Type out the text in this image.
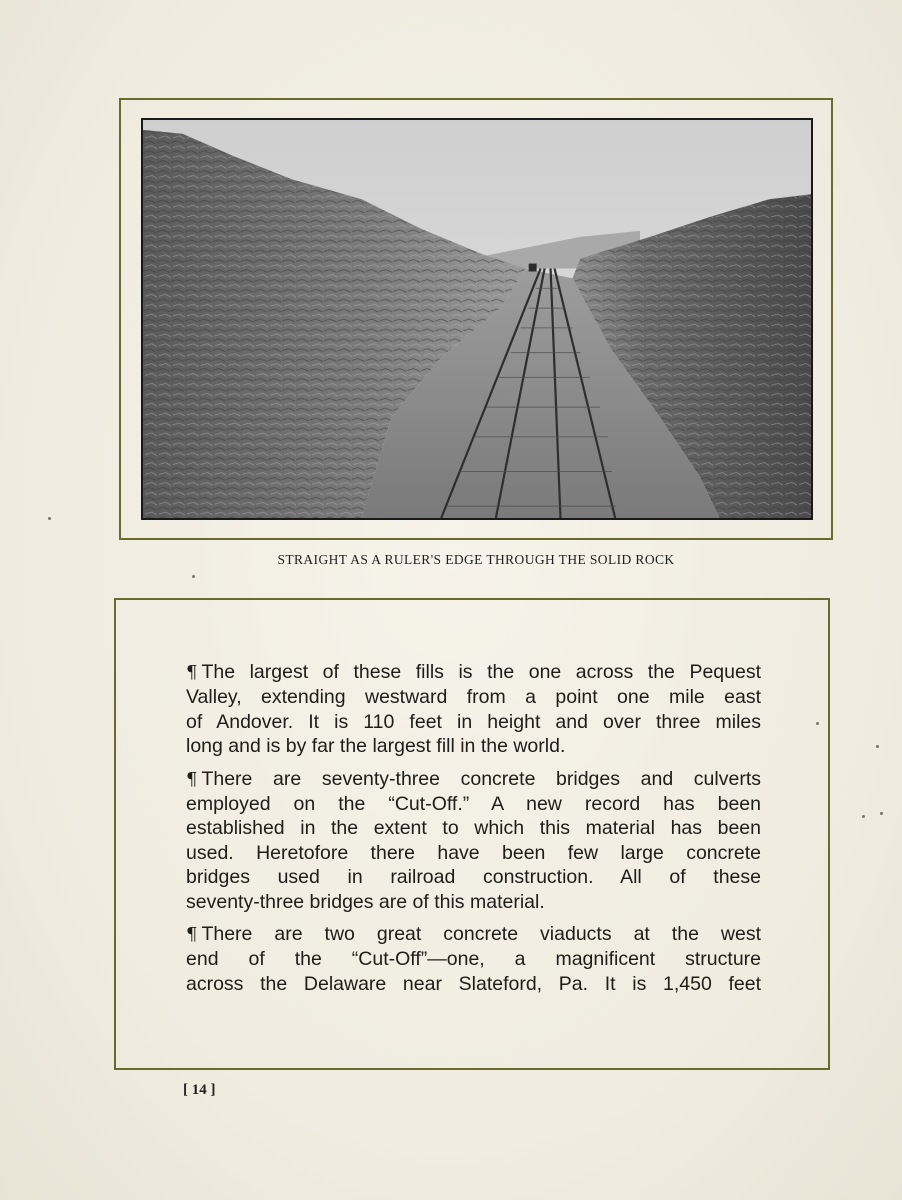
STRAIGHT AS A RULER'S EDGE THROUGH THE SOLID ROCK
¶ The largest of these fills is the one across the Pequest
Valley, extending westward from a point one mile east
of Andover. It is 110 feet in height and over three miles
long and is by far the largest fill in the world.
¶ There are seventy-three concrete bridges and culverts
employed on the “Cut-Off.” A new record has been
established in the extent to which this material has been
used. Heretofore there have been few large concrete
bridges used in railroad construction. All of these
seventy-three bridges are of this material.
¶ There are two great concrete viaducts at the west
end of the “Cut-Off”—one, a magnificent structure
across the Delaware near Slateford, Pa. It is 1,450 feet
[ 14 ]
